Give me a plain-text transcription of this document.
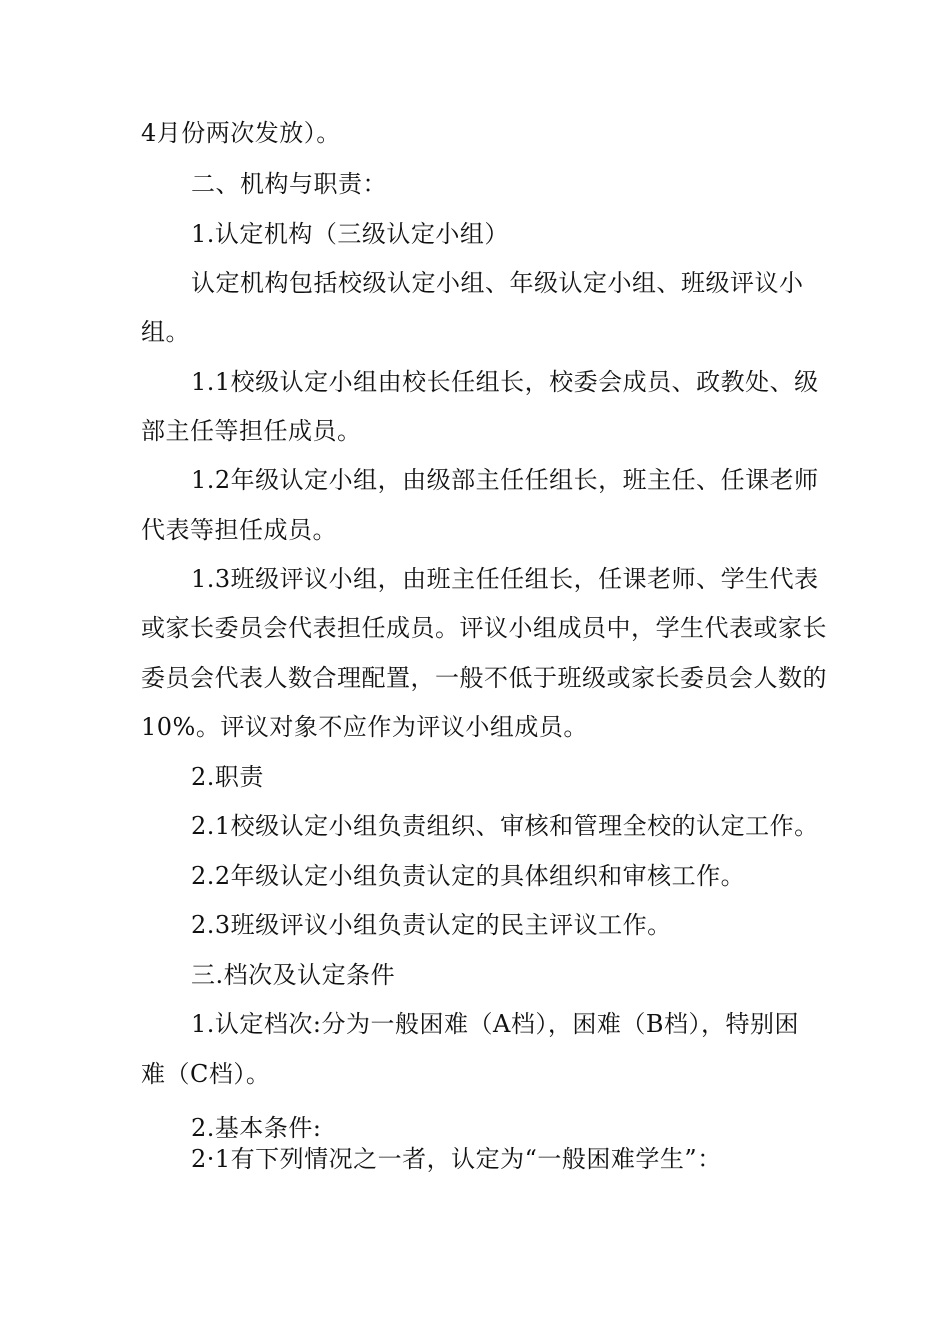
4月份两次发放）。
二、机构与职责：
1.认定机构（三级认定小组）
认定机构包括校级认定小组、年级认定小组、班级评议小
组。
1.1校级认定小组由校长任组长，校委会成员、政教处、级
部主任等担任成员。
1.2年级认定小组，由级部主任任组长，班主任、任课老师
代表等担任成员。
1.3班级评议小组，由班主任任组长，任课老师、学生代表
或家长委员会代表担任成员。评议小组成员中，学生代表或家长
委员会代表人数合理配置，一般不低于班级或家长委员会人数的
10%。评议对象不应作为评议小组成员。
2.职责
2.1校级认定小组负责组织、审核和管理全校的认定工作。
2.2年级认定小组负责认定的具体组织和审核工作。
2.3班级评议小组负责认定的民主评议工作。
三.档次及认定条件
1.认定档次:分为一般困难（A档），困难（B档），特别困
难（C档）。
2.基本条件:
2·1有下列情况之一者，认定为“一般困难学生”：
